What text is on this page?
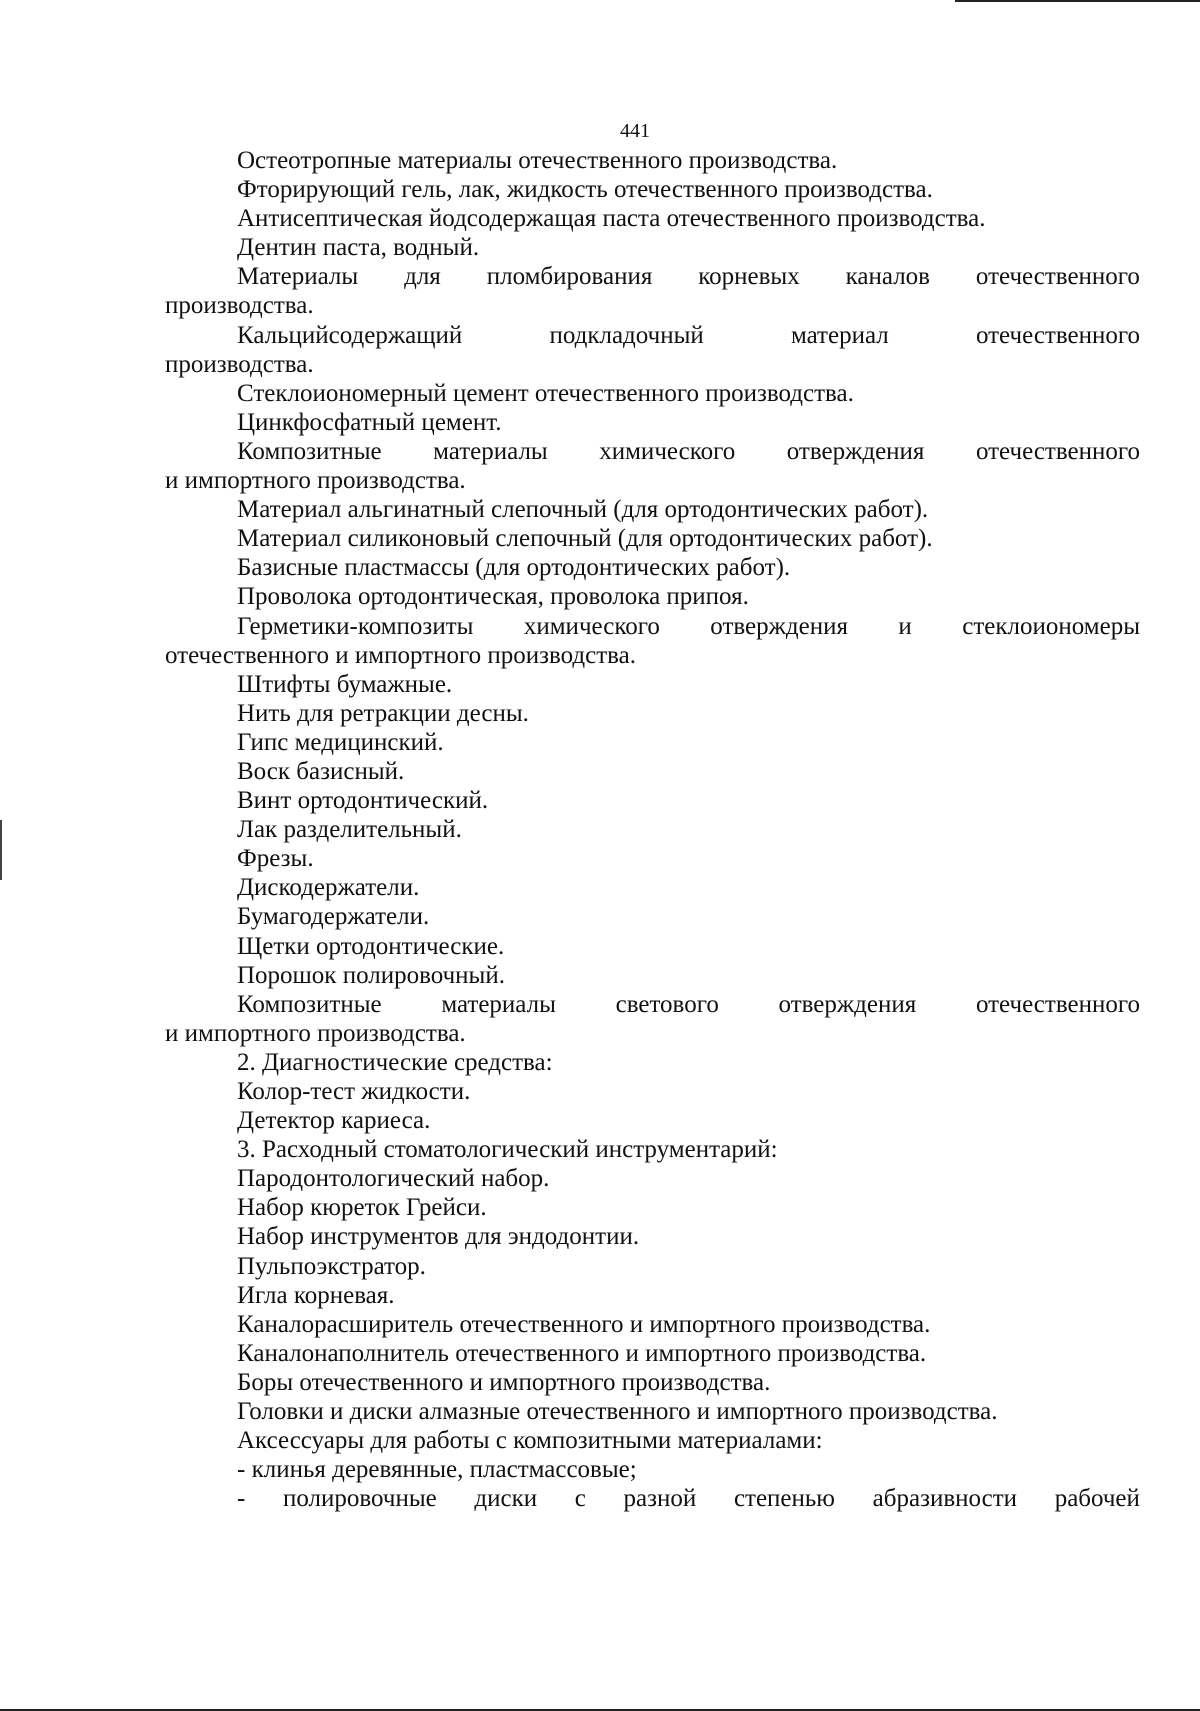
441

Остеотропные материалы отечественного производства.

Фторирующий гель, лак, жидкость отечественного производства.

Антисептическая йодсодержащая паста отечественного производства.

Дентин паста, водный.

Материалы для пломбирования корневых каналов отечественного

производства.

Кальцийсодержащий	подкладочный	материал	отечественного

производства.

Стеклоиономерный цемент отечественного производства.

Цинкфосфатный цемент.

Композитные материалы химического отверждения отечественного

и импортного производства.

Материал альгинатный слепочный (для ортодонтических работ).

Материал силиконовый слепочный (для ортодонтических работ).

Базисные пластмассы (для ортодонтических работ).

Проволока ортодонтическая, проволока припоя.

Герметики-композиты химического отверждения и стеклоиономеры

отечественного и импортного производства.

Штифты бумажные.

Нить для ретракции десны.

Гипс медицинский.

Воск базисный.

Винт ортодонтический.

Лак разделительный.

Фрезы.

Дискодержатели.

Бумагодержатели.

Щетки ортодонтические.

Порошок полировочный.

Композитные материалы светового отверждения отечественного

и импортного производства.

2. Диагностические средства:

Колор-тест жидкости.

Детектор кариеса.

3. Расходный стоматологический инструментарий:

Пародонтологический набор.

Набор кюреток Грейси.

Набор инструментов для эндодонтии.

Пульпоэкстратор.

Игла корневая.

Каналорасширитель отечественного и импортного производства.

Каналонаполнитель отечественного и импортного производства.

Боры отечественного и импортного производства.

Головки и диски алмазные отечественного и импортного производства.

Аксессуары для работы с композитными материалами:

- клинья деревянные, пластмассовые;

- полировочные диски с разной степенью абразивности рабочей
